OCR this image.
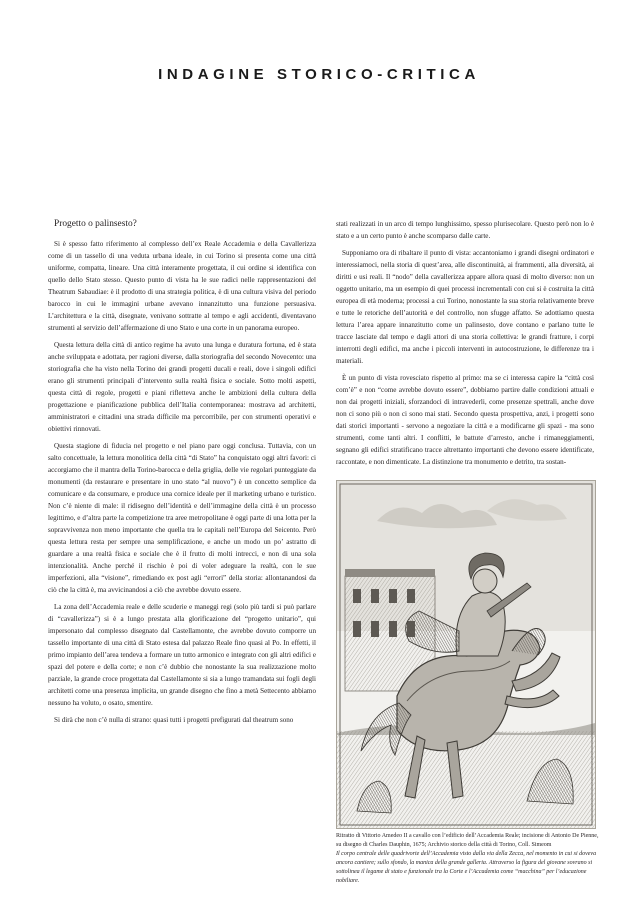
INDAGINE STORICO-CRITICA
Progetto o palinsesto?

Si è spesso fatto riferimento al complesso dell’ex Reale Accademia e della Cavallerizza come di un tassello di una veduta urbana ideale, in cui Torino si presenta come una città uniforme, compatta, lineare. Una città interamente progettata, il cui ordine si identifica con quello dello Stato stesso. Questo punto di vista ha le sue radici nelle rappresentazioni del Theatrum Sabaudiae: è il prodotto di una strategia politica, è di una cultura visiva del periodo barocco in cui le immagini urbane avevano innanzitutto una funzione persuasiva. L’architettura e la città, disegnate, venivano sottratte al tempo e agli accidenti, diventavano strumenti al servizio dell’affermazione di uno Stato e una corte in un panorama europeo.

Questa lettura della città di antico regime ha avuto una lunga e duratura fortuna, ed è stata anche sviluppata e adottata, per ragioni diverse, dalla storiografia del secondo Novecento: una storiografia che ha visto nella Torino dei grandi progetti ducali e reali, dove i singoli edifici erano gli strumenti principali d’intervento sulla realtà fisica e sociale. Sotto molti aspetti, questa città di regole, progetti e piani rifletteva anche le ambizioni della cultura della progettazione e pianificazione pubblica dell’Italia contemporanea: mostrava ad architetti, amministratori e cittadini una strada difficile ma percorribile, per con strumenti operativi e obiettivi rinnovati.

Questa stagione di fiducia nel progetto e nel piano pare oggi conclusa. Tuttavia, con un salto concettuale, la lettura monolitica della città “di Stato” ha conquistato oggi altri favori: ci accorgiamo che il mantra della Torino-barocca e della griglia, delle vie regolari punteggiate da monumenti (da restaurare e presentare in uno stato “al nuovo”) è un concetto semplice da comunicare e da consumare, e produce una cornice ideale per il marketing urbano e turistico. Non c’è niente di male: il ridisegno dell’identità e dell’immagine della città è un processo legittimo, e d’altra parte la competizione tra aree metropolitane è oggi parte di una lotta per la sopravvivenza non meno importante che quella tra le capitali nell’Europa del Seicento. Però questa lettura resta per sempre una semplificazione, e anche un modo un po’ astratto di guardare a una realtà fisica e sociale che è il frutto di molti intrecci, e non di una sola intenzionalità. Anche perché il rischio è poi di voler adeguare la realtà, con le sue imperfezioni, alla “visione”, rimediando ex post agli “errori” della storia: allontanandosi da ciò che la città è, ma avvicinandosi a ciò che avrebbe dovuto essere.

La zona dell’Accademia reale e delle scuderie e maneggi regi (solo più tardi si può parlare di “cavallerizza”) si è a lungo prestata alla glorificazione del “progetto unitario”, qui impersonato dal complesso disegnato dal Castellamonte, che avrebbe dovuto comporre un tassello importante di una città di Stato estesa dal palazzo Reale fino quasi al Po. In effetti, il primo impianto dell’area tendeva a formare un tutto armonico e integrato con gli altri edifici e spazi del potere e della corte; e non c’è dubbio che nonostante la sua realizzazione molto parziale, la grande croce progettata dal Castellamonte si sia a lungo tramandata sui fogli degli architetti come una presenza implicita, un grande disegno che fino a metà Settecento abbiamo nessuno ha voluto, o osato, smentire.

Si dirà che non c’è nulla di strano: quasi tutti i progetti prefigurati dal theatrum sono

stati realizzati in un arco di tempo lunghissimo, spesso plurisecolare. Questo però non lo è stato e a un certo punto è anche scomparso dalle carte.

Supponiamo ora di ribaltare il punto di vista: accantoniamo i grandi disegni ordinatori e interessiamoci, nella storia di quest’area, alle discontinuità, ai frammenti, alla diversità, ai diritti e usi reali. Il “nodo” della cavallerizza appare allora quasi di molto diverso: non un oggetto unitario, ma un esempio di quei processi incrementali con cui si è costruita la città europea di età moderna; processi a cui Torino, nonostante la sua storia relativamente breve e tutte le retoriche dell’autorità e del controllo, non sfugge affatto. Se adottiamo questa lettura l’area appare innanzitutto come un palinsesto, dove contano e parlano tutte le tracce lasciate dal tempo e dagli attori di una storia collettiva: le grandi fratture, i corpi interrotti degli edifici, ma anche i piccoli interventi in autocostruzione, le differenze tra i materiali.

È un punto di vista rovesciato rispetto al primo: ma se ci interessa capire la “città così com’è” e non “come avrebbe dovuto essere”, dobbiamo partire dalle condizioni attuali e non dai progetti iniziali, sforzandoci di intravederli, come presenze spettrali, anche dove non ci sono più o non ci sono mai stati. Secondo questa prospettiva, anzi, i progetti sono dati storici importanti - servono a negoziare la città e a modificarne gli spazi - ma sono strumenti, come tanti altri. I conflitti, le battute d’arresto, anche i rimaneggiamenti, segnano gli edifici stratificano tracce altrettanto importanti che devono essere identificate, raccontate, e non dimenticate. La distinzione tra monumento e detrito, tra sostan-

Ritratto di Vittorio Amedeo II a cavallo con l’edificio dell’Accademia Reale; incisione di Antonio De Pienne, su disegno di Charles Dauphin, 1675; Archivio storico della città di Torino, Coll. Simeom

Il corpo centrale delle quadrivorte dell’Accademia visto dalla via della Zecca, nel momento in cui si doveva ancora cantiere; sullo sfondo, la manica della grande galleria. Attraverso la figura del giovane sovrano si sottolinea il legame di stato e funzionale tra la Corte e l’Accademia come “macchina” per l’educazione nobiliare.
